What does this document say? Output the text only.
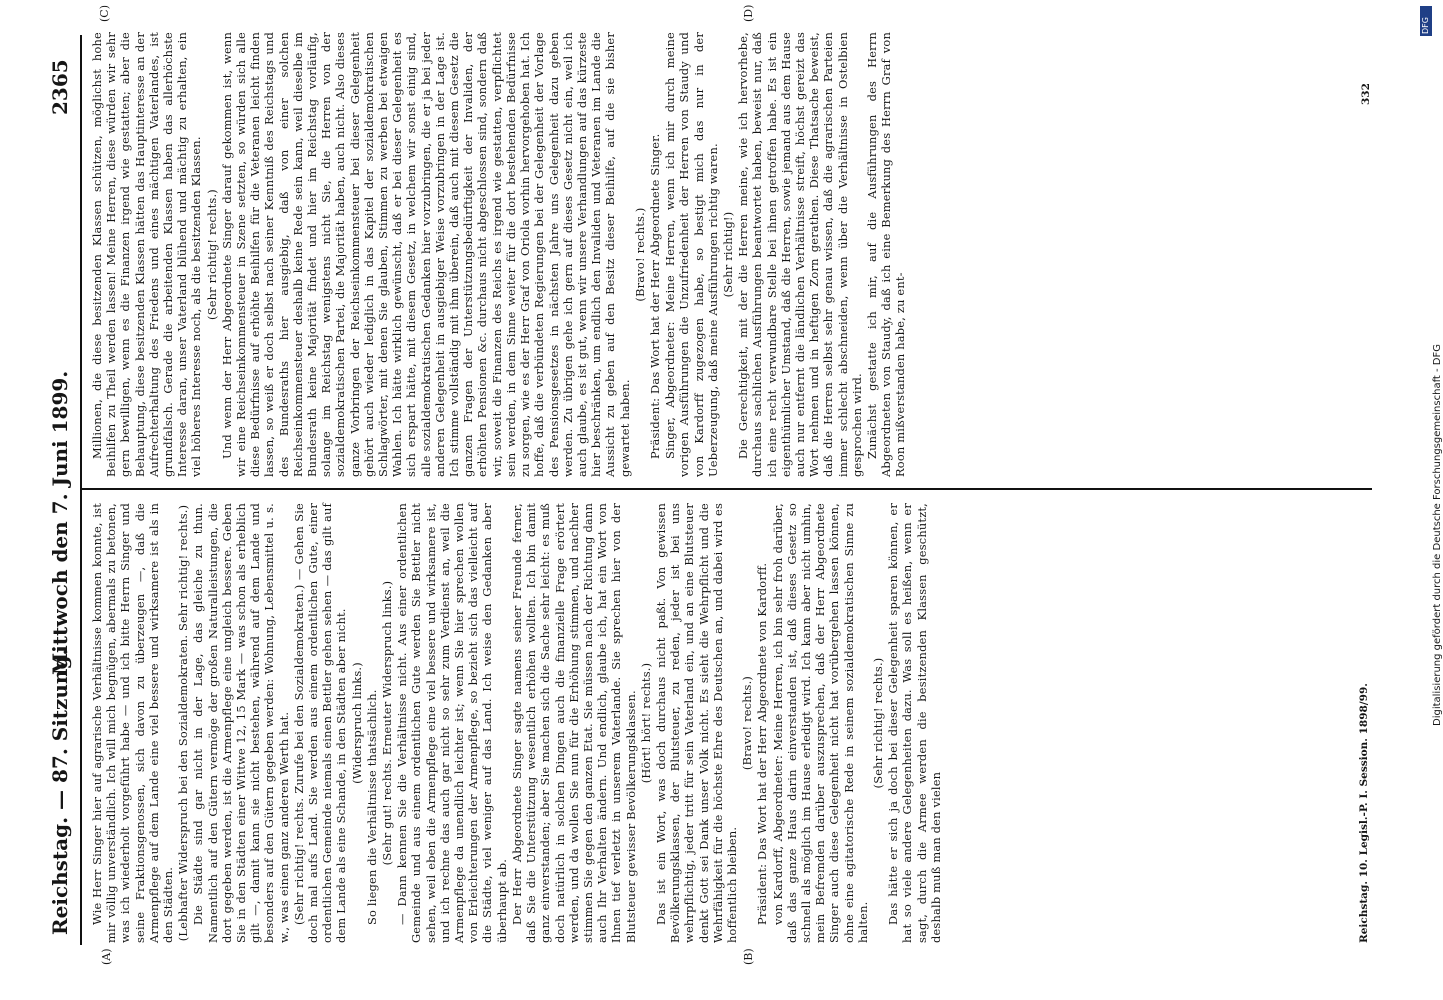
Reichstag. — 87. Sitzung.
Mittwoch den 7. Juni 1899.
2365
(A)	(B)
(C)	(D)

Wie Herr Singer hier auf agrarische Verhältnisse kommen konnte, ist mir völlig unverständlich. Ich will mich begnügen, abermals zu betonen, was ich wiederholt vorgeführt habe — und ich bitte Herrn Singer und seine Fraktionsgenossen, sich davon zu überzeugen —, daß die Armenpflege auf dem Lande eine viel bessere und wirksamere ist als in den Städten. (Lebhafter Widerspruch bei den Sozialdemokraten. Sehr richtig! rechts.) Die Städte sind gar nicht in der Lage, das gleiche zu thun. Namentlich auf den Gütern vermöge der großen Naturalleistungen, die dort gegeben werden, ist die Armenpflege eine ungleich bessere. Geben Sie in den Städten einer Wittwe 12, 15 Mark — was schon als erheblich gilt —, damit kann sie nicht bestehen, während auf dem Lande und besonders auf den Gütern gegeben werden: Wohnung, Lebensmittel u. s. w., was einen ganz anderen Werth hat. (Sehr richtig! rechts. Zurufe bei den Sozialdemokraten.) — Gehen Sie doch mal aufs Land. Sie werden aus einem ordentlichen Gute, einer ordentlichen Gemeinde niemals einen Bettler gehen sehen — das gilt auf dem Lande als eine Schande, in den Städten aber nicht. (Widerspruch links.) So liegen die Verhältnisse thatsächlich. (Sehr gut! rechts. Erneuter Widerspruch links.) — Dann kennen Sie die Verhältnisse nicht. Aus einer ordentlichen Gemeinde und aus einem ordentlichen Gute werden Sie Bettler nicht sehen, weil eben die Armenpflege eine viel bessere und wirksamere ist, und ich rechne das auch gar nicht so sehr zum Verdienst an, weil die Armenpflege da unendlich leichter ist; wenn Sie hier sprechen wollen von Erleichterungen der Armenpflege, so bezieht sich das vielleicht auf die Städte, viel weniger auf das Land. Ich weise den Gedanken aber überhaupt ab. Der Herr Abgeordnete Singer sagte namens seiner Freunde ferner, daß Sie die Unterstützung wesentlich erhöhen wollten. Ich bin damit ganz einverstanden; aber Sie machen sich die Sache sehr leicht: es muß doch natürlich in solchen Dingen auch die finanzielle Frage erörtert werden, und da wollen Sie nun für die Erhöhung stimmen, und nachher stimmen Sie gegen den ganzen Etat. Sie müssen nach der Richtung dann auch Ihr Verhalten ändern. Und endlich, glaube ich, hat ein Wort von Ihnen tief verletzt in unserem Vaterlande. Sie sprechen hier von der Blutsteuer gewisser Bevölkerungsklassen. (Hört! hört! rechts.) Das ist ein Wort, was doch durchaus nicht paßt. Von gewissen Bevölkerungsklassen, der Blutsteuer, zu reden, jeder ist bei uns wehrpflichtig, jeder tritt für sein Vaterland ein, und an eine Blutsteuer denkt Gott sei Dank unser Volk nicht. Es sieht die Wehrpflicht und die Wehrfähigkeit für die höchste Ehre des Deutschen an, und dabei wird es hoffentlich bleiben.

(Bravo! rechts.) Präsident: Das Wort hat der Herr Abgeordnete von Kardorff. von Kardorff, Abgeordneter: Meine Herren, ich bin sehr froh darüber, daß das ganze Haus darin einverstanden ist, daß dieses Gesetz so schnell als möglich im Hause erledigt wird. Ich kann aber nicht umhin, mein Befremden darüber auszusprechen, daß der Herr Abgeordnete Singer auch diese Gelegenheit nicht hat vorübergehen lassen können, ohne eine agitatorische Rede in seinem sozialdemokratischen Sinne zu halten.

(Sehr richtig! rechts.) Das hätte er sich ja doch bei dieser Gelegenheit sparen können, er hat so viele andere Gelegenheiten dazu. Was soll es heißen, wenn er sagt, durch die Armee werden die besitzenden Klassen geschützt, deshalb muß man den vielen

Millionen, die diese besitzenden Klassen schützen, möglichst hohe Beihilfen zu Theil werden lassen! Meine Herren, diese würden wir sehr gern bewilligen, wenn es die Finanzen irgend wie gestatten; aber die Behauptung, diese besitzenden Klassen hätten das Hauptinteresse an der Aufrechterhaltung des Friedens und eines mächtigen Vaterlandes, ist grundfalsch. Gerade die arbeitenden Klassen haben das allerhöchste Interesse daran, unser Vaterland blühend und mächtig zu erhalten, ein viel höheres Interesse noch, als die besitzenden Klassen. (Sehr richtig! rechts.) Und wenn der Herr Abgeordnete Singer darauf gekommen ist, wenn wir eine Reichseinkommensteuer in Szene setzten, so würden sich alle diese Bedürfnisse auf erhöhte Beihilfen für die Veteranen leicht finden lassen, so weiß er doch selbst nach seiner Kenntniß des Reichstags und des Bundesraths hier ausgiebig, daß von einer solchen Reichseinkommensteuer deshalb keine Rede sein kann, weil dieselbe im Bundesrath keine Majorität findet und hier im Reichstag vorläufig, solange im Reichstag wenigstens nicht Sie, die Herren von der sozialdemokratischen Partei, die Majorität haben, auch nicht. Also dieses ganze Vorbringen der Reichseinkommensteuer bei dieser Gelegenheit gehört auch wieder lediglich in das Kapitel der sozialdemokratischen Schlagwörter, mit denen Sie glauben, Stimmen zu werben bei etwaigen Wahlen. Ich hätte wirklich gewünscht, daß er bei dieser Gelegenheit es sich erspart hätte, mit diesem Gesetz, in welchem wir sonst einig sind, alle sozialdemokratischen Gedanken hier vorzubringen, die er ja bei jeder anderen Gelegenheit in ausgiebiger Weise vorzubringen in der Lage ist. Ich stimme vollständig mit ihm überein, daß auch mit diesem Gesetz die ganzen Fragen der Unterstützungsbedürftigkeit der Invaliden, der erhöhten Pensionen &c. durchaus nicht abgeschlossen sind, sondern daß wir, soweit die Finanzen des Reichs es irgend wie gestatten, verpflichtet sein werden, in dem Sinne weiter für die dort bestehenden Bedürfnisse zu sorgen, wie es der Herr Graf von Oriola vorhin hervorgehoben hat. Ich hoffe, daß die verbündeten Regierungen bei der Gelegenheit der Vorlage des Pensionsgesetzes in nächsten Jahre uns Gelegenheit dazu geben werden. Zu übrigen gehe ich gern auf dieses Gesetz nicht ein, weil ich auch glaube, es ist gut, wenn wir unsere Verhandlungen auf das kürzeste hier beschränken, um endlich den Invaliden und Veteranen im Lande die Aussicht zu geben auf den Besitz dieser Beihilfe, auf die sie bisher gewartet haben.

(Bravo! rechts.) Präsident: Das Wort hat der Herr Abgeordnete Singer. Singer, Abgeordneter: Meine Herren, wenn ich mir durch meine vorigen Ausführungen die Unzufriedenheit der Herren von Staudy und von Kardorff zugezogen habe, so bestigt mich das nur in der Ueberzeugung, daß meine Ausführungen richtig waren. (Sehr richtig!) Die Gerechtigkeit, mit der die Herren meine, wie ich hervorhebe, durchaus sachlichen Ausführungen beantwortet haben, beweist nur, daß ich eine recht verwundbare Stelle bei ihnen getroffen habe. Es ist ein eigenthümlicher Umstand, daß die Herren, sowie jemand aus dem Hause auch nur entfernt die ländlichen Verhältnisse streift, höchst gereizt das Wort nehmen und in heftigen Zorn gerathen. Diese Thatsache beweist, daß die Herren selbst sehr genau wissen, daß die agrarischen Parteien immer schlecht abschneiden, wenn über die Verhältnisse in Ostelbien gesprochen wird. Zunächst gestatte ich mir, auf die Ausführungen des Herrn Abgeordneten von Staudy, daß ich eine Bemerkung des Herrn Graf von Roon mißverstanden habe, zu ent-

Reichstag. 10. Legisl.-P. I. Session. 1898/99.
332
Digitalisierung gefördert durch die Deutsche Forschungsgemeinschaft - DFG
DFG
